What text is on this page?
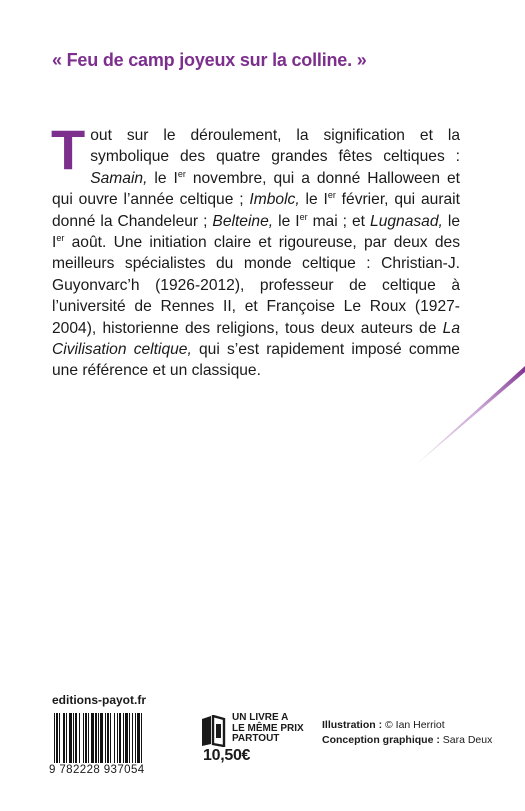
« Feu de camp joyeux sur la colline. »
Tout sur le déroulement, la signification et la symbolique des quatre grandes fêtes celtiques : Samain, le Ier novembre, qui a donné Halloween et qui ouvre l’année celtique ; Imbolc, le Ier février, qui aurait donné la Chandeleur ; Belteine, le Ier mai ; et Lugnasad, le Ier août. Une initiation claire et rigoureuse, par deux des meilleurs spécialistes du monde celtique : Christian-J. Guyonvarc’h (1926-2012), professeur de celtique à l’université de Rennes II, et Françoise Le Roux (1927-2004), historienne des religions, tous deux auteurs de La Civilisation celtique, qui s’est rapidement imposé comme une référence et un classique.
editions-payot.fr
9 782228 937054
UN LIVRE A
LE MÊME PRIX
PARTOUT
10,50€
Illustration : © Ian Herriot
Conception graphique : Sara Deux
